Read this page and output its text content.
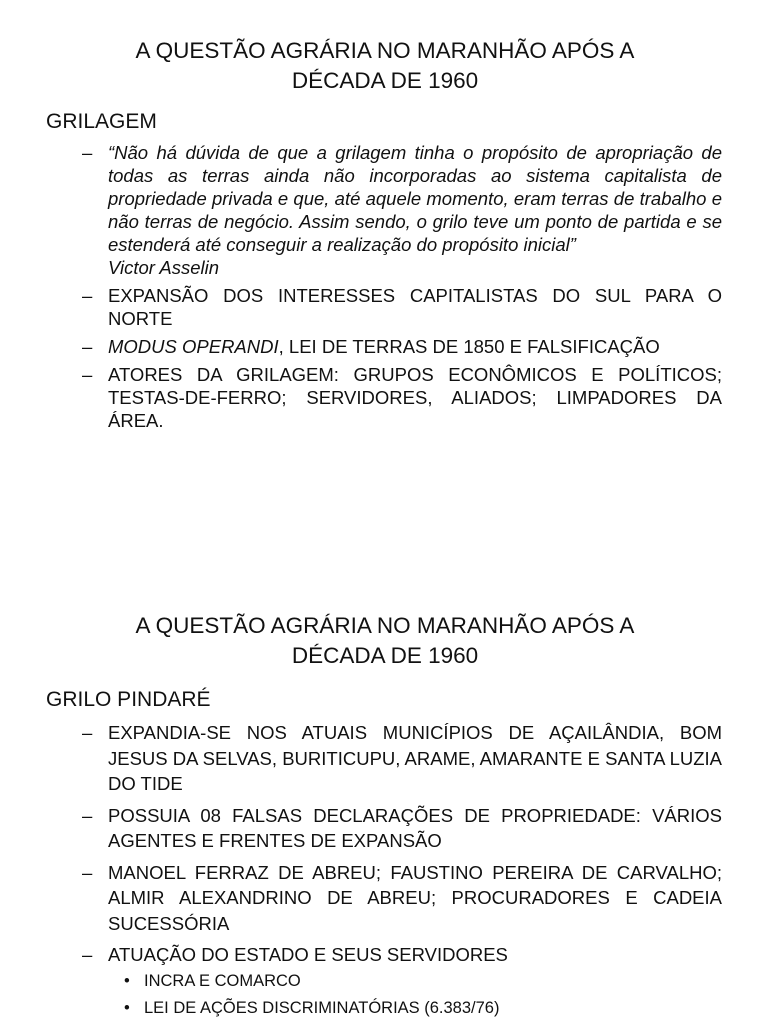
A QUESTÃO AGRÁRIA NO MARANHÃO APÓS A
DÉCADA DE 1960
GRILAGEM
– “Não há dúvida de que a grilagem tinha o propósito de apropriação de todas as terras ainda não incorporadas ao sistema capitalista de propriedade privada e que, até aquele momento, eram terras de trabalho e não terras de negócio. Assim sendo, o grilo teve um ponto de partida e se estenderá até conseguir a realização do propósito inicial”
Victor Asselin
– EXPANSÃO DOS INTERESSES CAPITALISTAS DO SUL PARA O NORTE
– MODUS OPERANDI, LEI DE TERRAS DE 1850 E FALSIFICAÇÃO
– ATORES DA GRILAGEM: GRUPOS ECONÔMICOS E POLÍTICOS; TESTAS-DE-FERRO; SERVIDORES, ALIADOS; LIMPADORES DA ÁREA.
A QUESTÃO AGRÁRIA NO MARANHÃO APÓS A
DÉCADA DE 1960
GRILO PINDARÉ
– EXPANDIA-SE NOS ATUAIS MUNICÍPIOS DE AÇAILÂNDIA, BOM JESUS DA SELVAS, BURITICUPU, ARAME, AMARANTE E SANTA LUZIA DO TIDE
– POSSUIA 08 FALSAS DECLARAÇÕES DE PROPRIEDADE: VÁRIOS AGENTES E FRENTES DE EXPANSÃO
– MANOEL FERRAZ DE ABREU; FAUSTINO PEREIRA DE CARVALHO; ALMIR ALEXANDRINO DE ABREU; PROCURADORES E CADEIA SUCESSÓRIA
– ATUAÇÃO DO ESTADO E SEUS SERVIDORES
• INCRA E COMARCO
• LEI DE AÇÕES DISCRIMINATÓRIAS (6.383/76)
